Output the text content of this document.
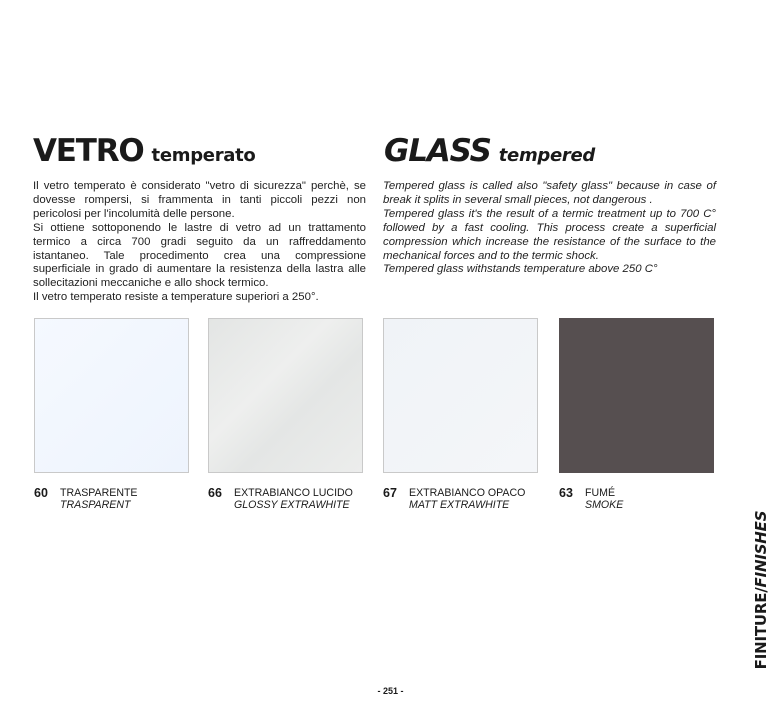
VETRO temperato	GLASS tempered

Il vetro temperato è considerato "vetro di sicurezza" perchè, se dovesse rompersi, si frammenta in tanti piccoli pezzi non pericolosi per l'incolumità delle persone.

Si ottiene sottoponendo le lastre di vetro ad un trattamento termico a circa 700 gradi seguito da un raffreddamento istantaneo. Tale procedimento crea una compressione superficiale in grado di aumentare la resistenza della lastra alle sollecitazioni meccaniche e allo shock termico.

Il vetro temperato resiste a temperature superiori a 250°.

Tempered glass is called also "safety glass" because in case of break it splits in several small pieces, not dangerous .

Tempered glass it's the result of a termic treatment up to 700 C° followed by a fast cooling. This process create a superficial compression which increase the resistance of the surface to the mechanical forces and to the termic shock.

Tempered glass withstands temperature above 250 C°

60 TRASPARENTE
TRASPARENT
66 EXTRABIANCO LUCIDO
GLOSSY EXTRAWHITE
67 EXTRABIANCO OPACO
MATT EXTRAWHITE
63 FUMÉ
SMOKE
FINITURE/FINISHES
- 251 -
